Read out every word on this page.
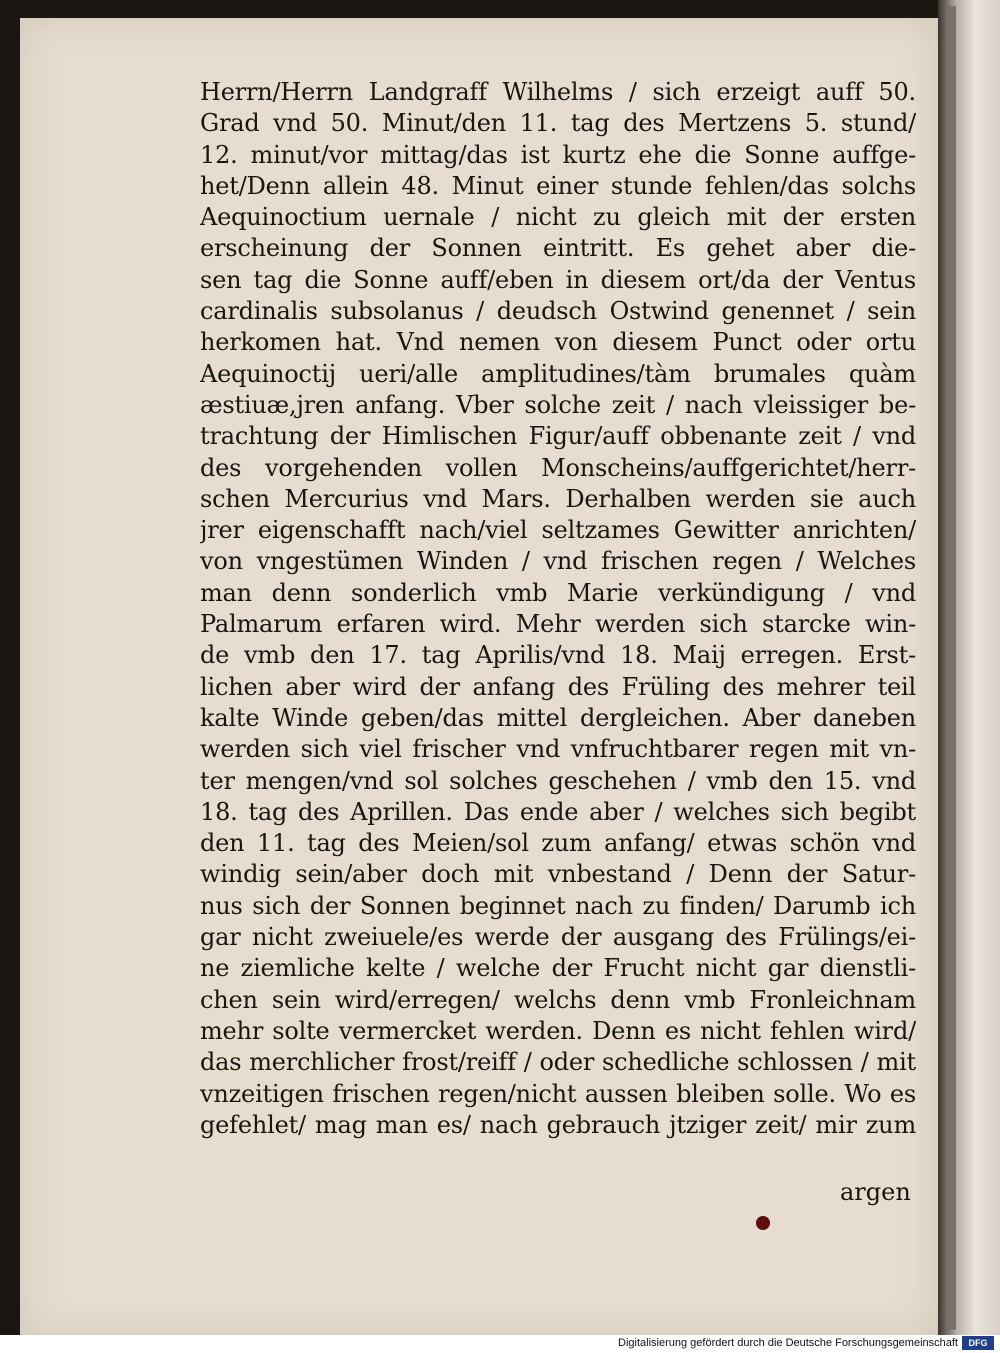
Herrn/Herrn Landgraff Wilhelms / sich erzeigt auff 50.
Grad vnd 50. Minut/den 11. tag des Mertzens 5. stund/
12. minut/vor mittag/das ist kurtz ehe die Sonne auffge-
het/Denn allein 48. Minut einer stunde fehlen/das solchs
Aequinoctium uernale / nicht zu gleich mit der ersten
erscheinung der Sonnen eintritt. Es gehet aber die-
sen tag die Sonne auff/eben in diesem ort/da der Ventus
cardinalis subsolanus / deudsch Ostwind genennet / sein
herkomen hat. Vnd nemen von diesem Punct oder ortu
Aequinoctij ueri/alle amplitudines/tàm brumales quàm
æstiuæ,jren anfang. Vber solche zeit / nach vleissiger be-
trachtung der Himlischen Figur/auff obbenante zeit / vnd
des vorgehenden vollen Monscheins/auffgerichtet/herr-
schen Mercurius vnd Mars. Derhalben werden sie auch
jrer eigenschafft nach/viel seltzames Gewitter anrichten/
von vngestümen Winden / vnd frischen regen / Welches
man denn sonderlich vmb Marie verkündigung / vnd
Palmarum erfaren wird. Mehr werden sich starcke win-
de vmb den 17. tag Aprilis/vnd 18. Maij erregen. Erst-
lichen aber wird der anfang des Früling des mehrer teil
kalte Winde geben/das mittel dergleichen. Aber daneben
werden sich viel frischer vnd vnfruchtbarer regen mit vn-
ter mengen/vnd sol solches geschehen / vmb den 15. vnd
18. tag des Aprillen. Das ende aber / welches sich begibt
den 11. tag des Meien/sol zum anfang/ etwas schön vnd
windig sein/aber doch mit vnbestand / Denn der Satur-
nus sich der Sonnen beginnet nach zu finden/ Darumb ich
gar nicht zweiuele/es werde der ausgang des Frülings/ei-
ne ziemliche kelte / welche der Frucht nicht gar dienstli-
chen sein wird/erregen/ welchs denn vmb Fronleichnam
mehr solte vermercket werden. Denn es nicht fehlen wird/
das merchlicher frost/reiff / oder schedliche schlossen / mit
vnzeitigen frischen regen/nicht aussen bleiben solle. Wo es
gefehlet/ mag man es/ nach gebrauch jtziger zeit/ mir zum
argen
Digitalisierung gefördert durch die Deutsche Forschungsgemeinschaft	DFG
